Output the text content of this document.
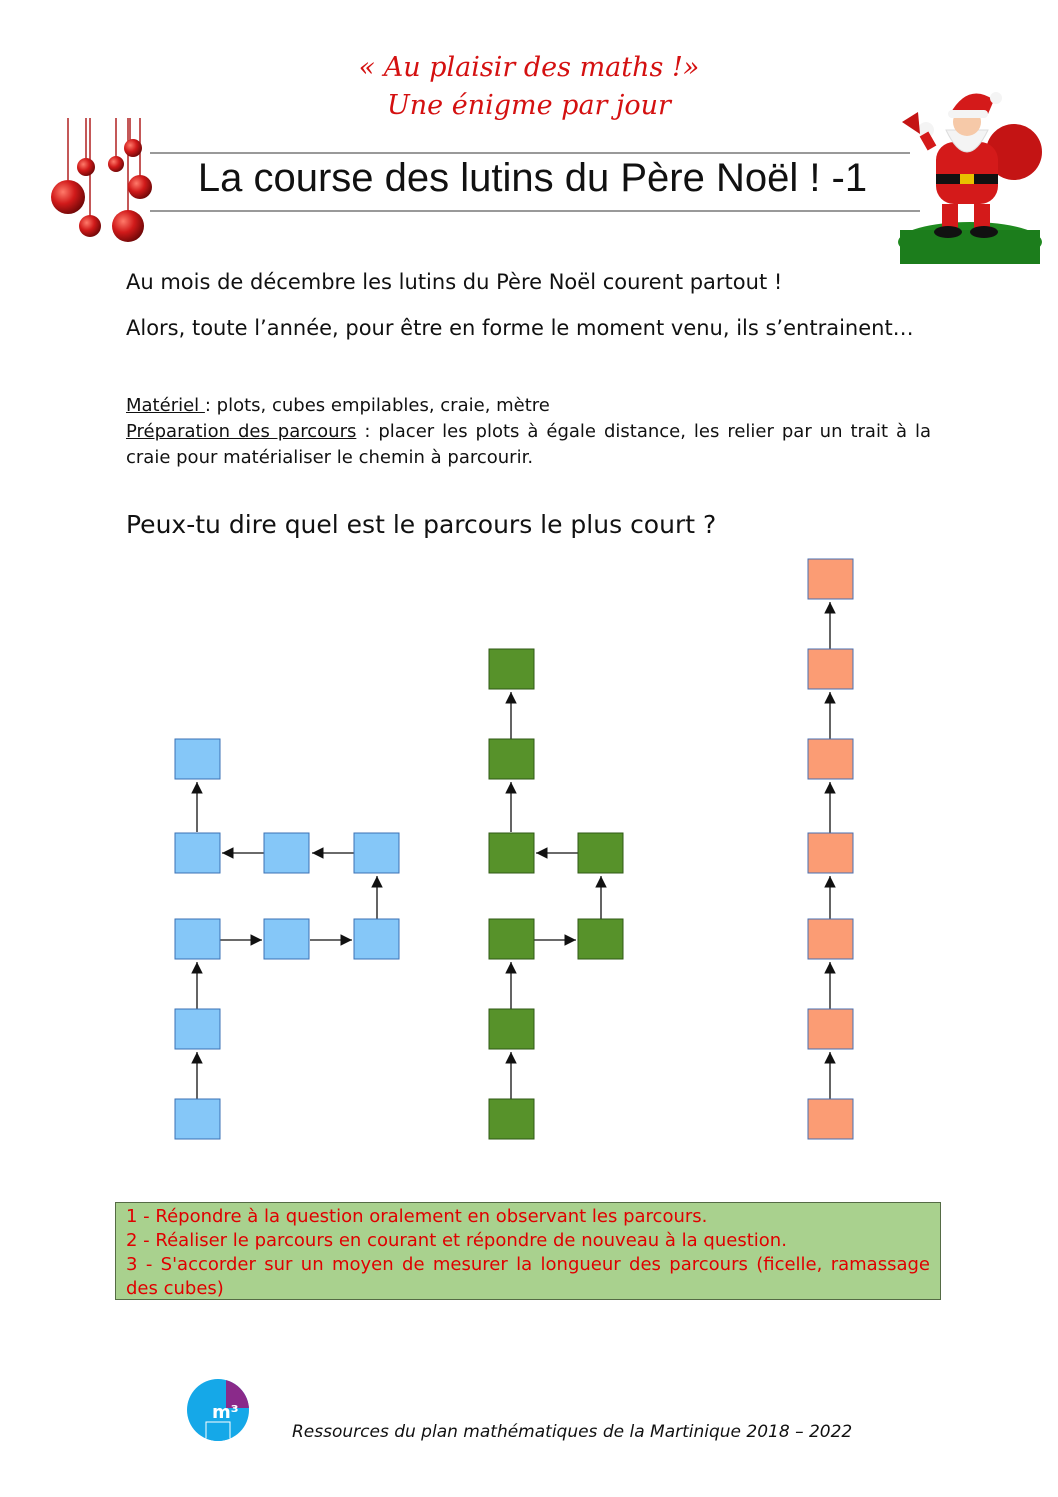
« Au plaisir des maths !»
Une énigme par jour
La course des lutins du Père Noël ! -1
Au mois de décembre les lutins du Père Noël courent partout !
Alors, toute l’année, pour être en forme le moment venu, ils s’entrainent…
Matériel : plots, cubes empilables, craie, mètre
Préparation des parcours : placer les plots à égale distance, les relier par un trait à la craie pour matérialiser le chemin à parcourir.
Peux-tu dire quel est le parcours le plus court ?
1 - Répondre à la question oralement en observant les parcours.
2 - Réaliser le parcours en courant et répondre de nouveau à la question.
3 - S'accorder sur un moyen de mesurer la longueur des parcours (ficelle, ramassage des cubes)
m³
Ressources du plan mathématiques de la Martinique 2018 – 2022
